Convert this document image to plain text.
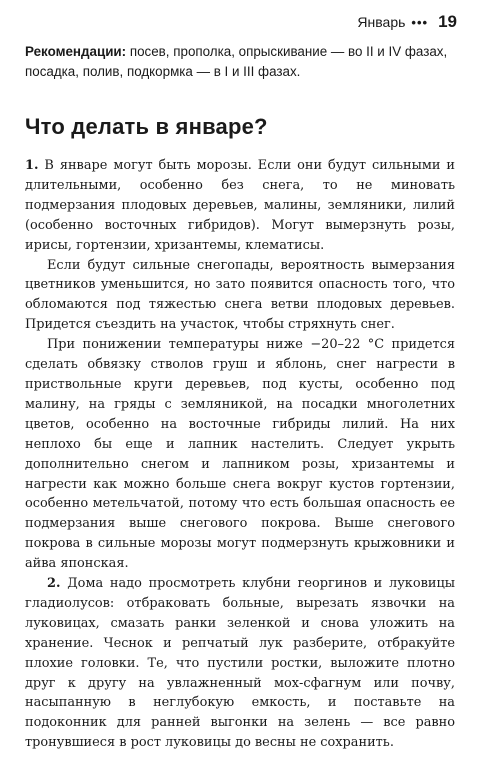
Январь ••• 19
Рекомендации: посев, прополка, опрыскивание — во II и IV фазах, посадка, полив, подкормка — в I и III фазах.
Что делать в январе?

1. В январе могут быть морозы. Если они будут сильными и длительными, особенно без снега, то не миновать подмерзания плодовых деревьев, малины, земляники, лилий (особенно восточных гибридов). Могут вымерзнуть розы, ирисы, гортензии, хризантемы, клематисы.

Если будут сильные снегопады, вероятность вымерзания цветников уменьшится, но зато появится опасность того, что обломаются под тяжестью снега ветви плодовых деревьев. Придется съездить на участок, чтобы стряхнуть снег.

При понижении температуры ниже −20–22 °С придется сделать обвязку стволов груш и яблонь, снег нагрести в приствольные круги деревьев, под кусты, особенно под малину, на гряды с земляникой, на посадки многолетних цветов, особенно на восточные гибриды лилий. На них неплохо бы еще и лапник настелить. Следует укрыть дополнительно снегом и лапником розы, хризантемы и нагрести как можно больше снега вокруг кустов гортензии, особенно метельчатой, потому что есть большая опасность ее подмерзания выше снегового покрова. Выше снегового покрова в сильные морозы могут подмерзнуть крыжовники и айва японская.

2. Дома надо просмотреть клубни георгинов и луковицы гладиолусов: отбраковать больные, вырезать язвочки на луковицах, смазать ранки зеленкой и снова уложить на хранение. Чеснок и репчатый лук разберите, отбракуйте плохие головки. Те, что пустили ростки, выложите плотно друг к другу на увлажненный мох-сфагнум или почву, насыпанную в неглубокую емкость, и поставьте на подоконник для ранней выгонки на зелень — все равно тронувшиеся в рост луковицы до весны не сохранить.
